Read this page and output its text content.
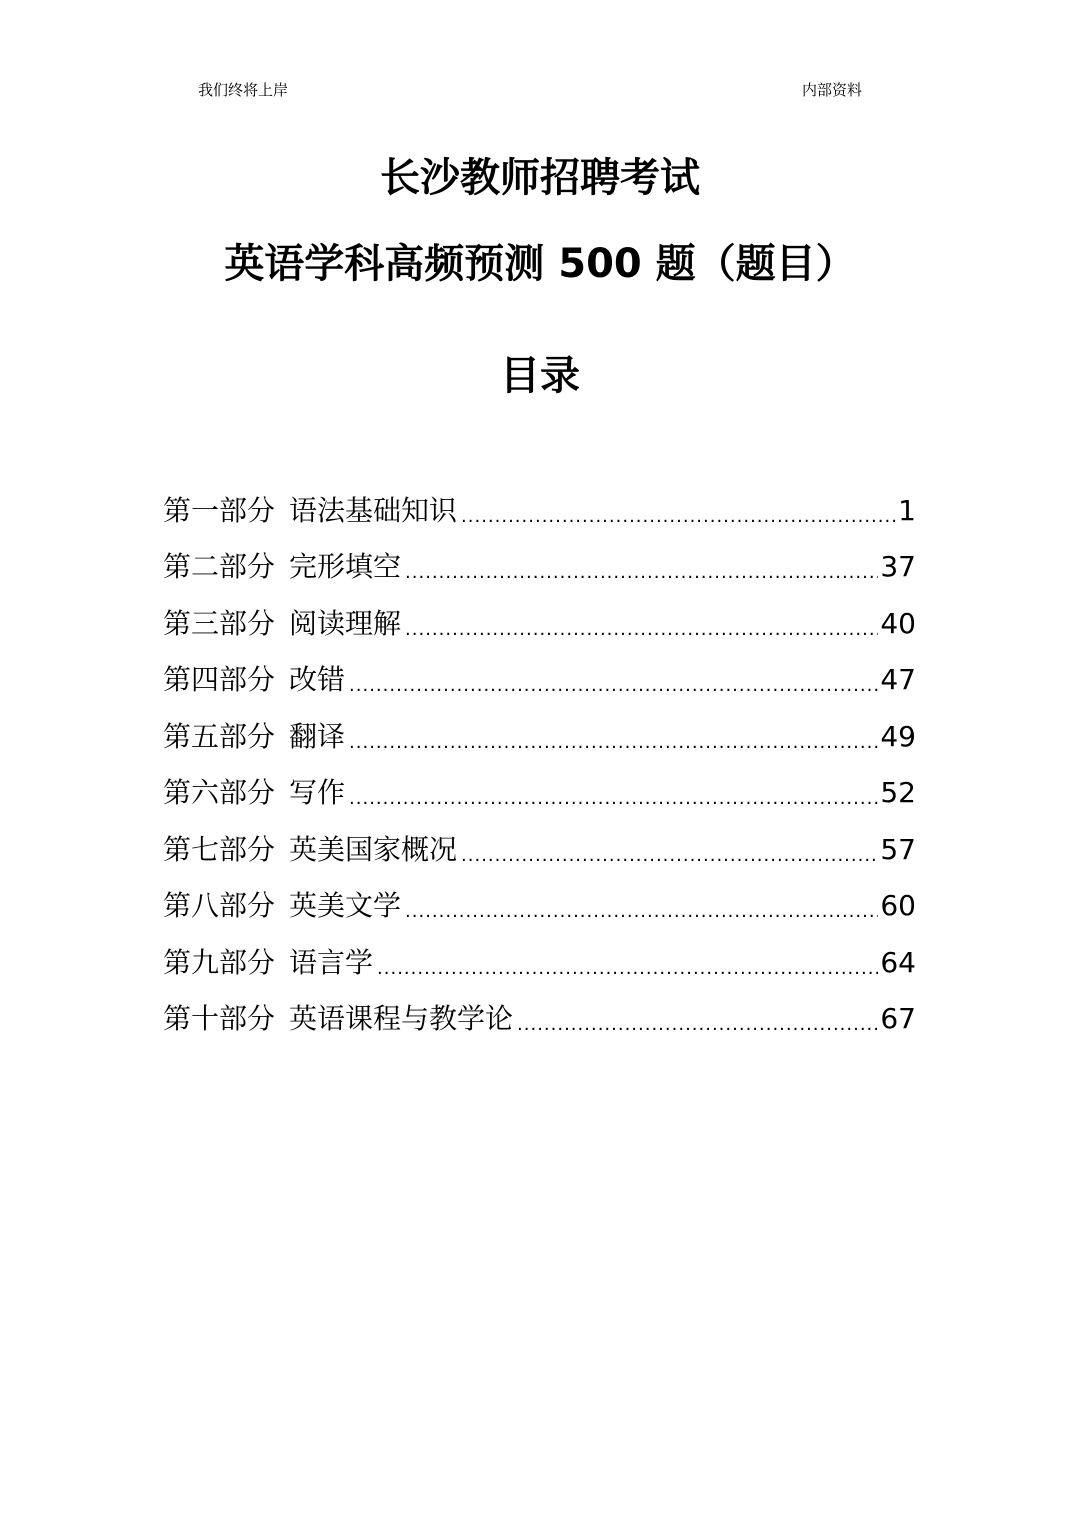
我们终将上岸	内部资料
长沙教师招聘考试
英语学科高频预测 500 题（题目）
目录
第一部分 语法基础知识 .....	1
第二部分 完形填空 .....	37
第三部分 阅读理解 .....	40
第四部分 改错 .....	47
第五部分 翻译 .....	49
第六部分 写作 .....	52
第七部分 英美国家概况 .....	57
第八部分 英美文学 .....	60
第九部分 语言学 .....	64
第十部分 英语课程与教学论 .....	67
